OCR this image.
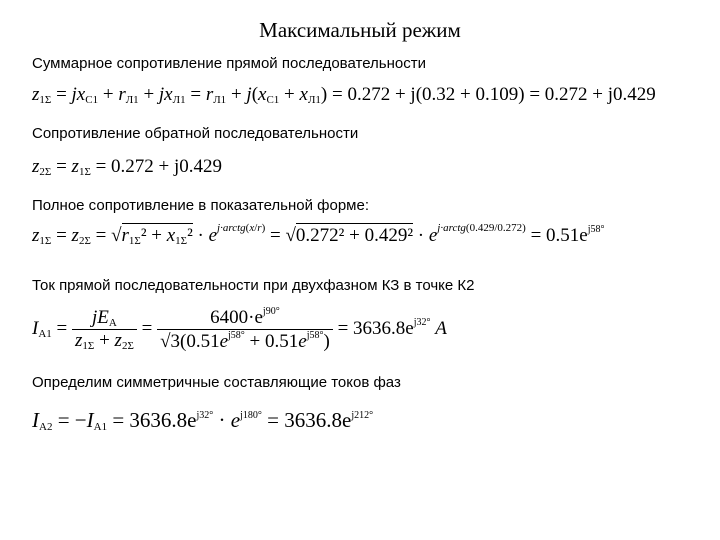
Максимальный режим
Суммарное сопротивление прямой последовательности
$z_{1\Sigma} = jx_{C1} + r_{Л1} + jx_{Л1} = r_{Л1} + j(x_{C1} + x_{Л1}) = 0.272 + j(0.32 + 0.109) = 0.272 + j0.429$
Сопротивление обратной последовательности
$z_{2\Sigma} = z_{1\Sigma} = 0.272 + j0.429$
Полное сопротивление в показательной форме:
$z_{1\Sigma} = z_{2\Sigma} = √r_{1\Sigma}^2 + x_{1\Sigma}^2 \cdot e^{j\cdot arctg(x/r)} = √0.272^2 + 0.429^2 \cdot e^{j\cdot arctg(0.429/0.272)} = 0.51e^{j58^\circ}$
Ток прямой последовательности при двухфазном КЗ в точке К2
$I_{A1} = \frac{jE_A}{z_{1\Sigma} + z_{2\Sigma}} = \frac{6400\cdot e^{j90^\circ}}{√3(0.51e^{j58^\circ} + 0.51e^{j58^\circ})} = 3636.8e^{j32^\circ}$ A
Определим симметричные составляющие токов фаз
$I_{A2} = -I_{A1} = 3636.8e^{j32^\circ} \cdot e^{j180^\circ} = 3636.8e^{j212^\circ}$
